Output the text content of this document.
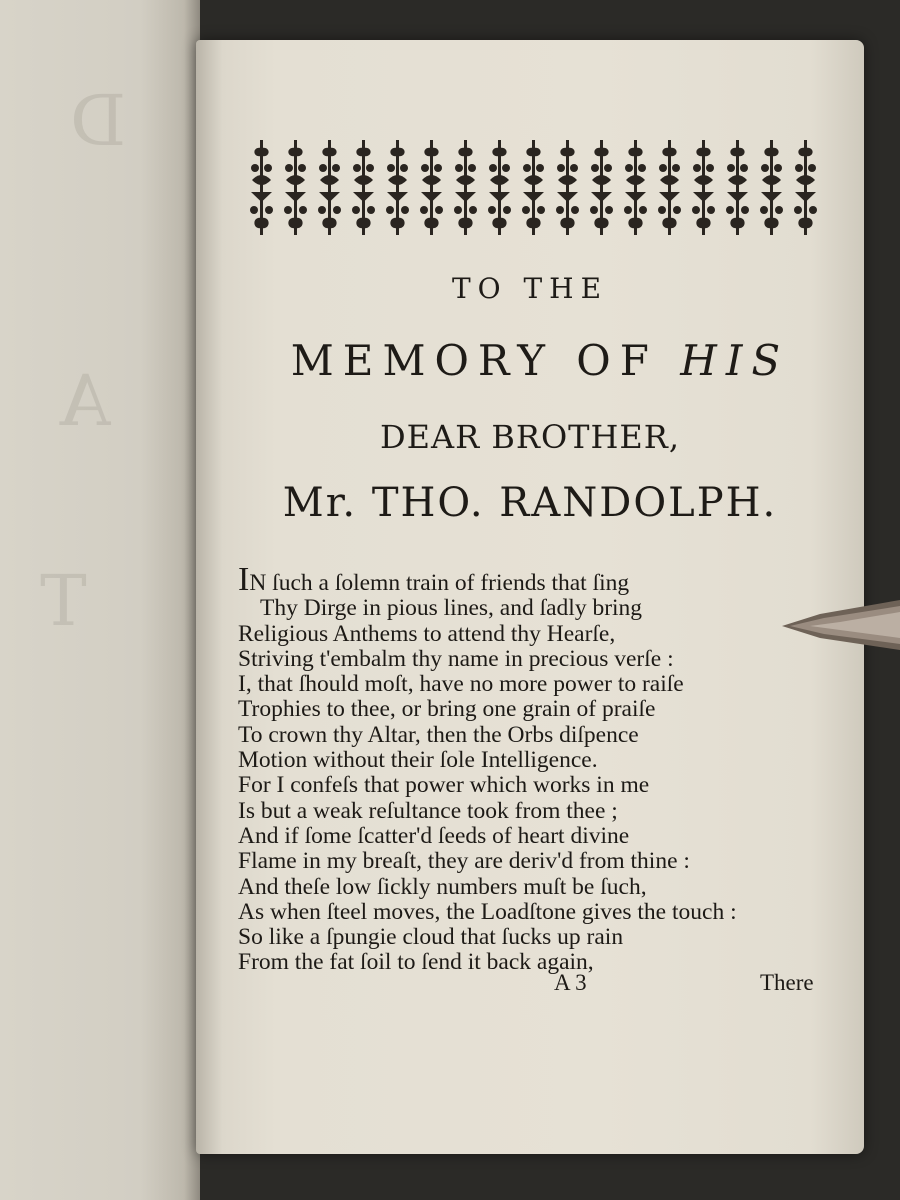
D
A
T
TO THE
MEMORY OF HIS
DEAR BROTHER,
Mr. THO. RANDOLPH.
IN ſuch a ſolemn train of friends that ſing
Thy Dirge in pious lines, and ſadly bring
Religious Anthems to attend thy Hearſe,
Striving t'embalm thy name in precious verſe :
I, that ſhould moſt, have no more power to raiſe
Trophies to thee, or bring one grain of praiſe
To crown thy Altar, then the Orbs diſpence
Motion without their ſole Intelligence.
For I confeſs that power which works in me
Is but a weak reſultance took from thee ;
And if ſome ſcatter'd ſeeds of heart divine
Flame in my breaſt, they are deriv'd from thine :
And theſe low ſickly numbers muſt be ſuch,
As when ſteel moves, the Loadſtone gives the touch :
So like a ſpungie cloud that ſucks up rain
From the fat ſoil to ſend it back again,
A 3	There
